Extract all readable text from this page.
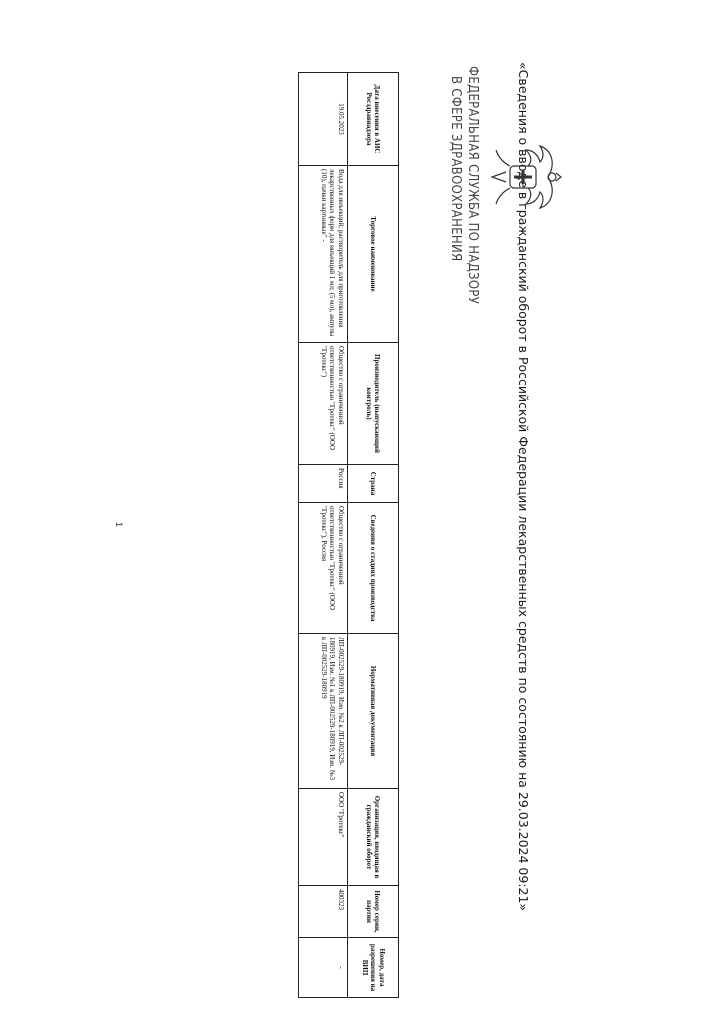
«Сведения о вводе в гражданский оборот в Российской Федерации лекарственных средств по состоянию на 29.03.2024 09:21»
ФЕДЕРАЛЬНАЯ СЛУЖБА ПО НАДЗОРУ
В СФЕРЕ ЗДРАВООХРАНЕНИЯ
Дата внесения в АИС Росздравнадзора	Торговое наименование	Производитель (выпускающий контроль)	Страна	Сведения о стадиях производства	Нормативная документация	Организация, вводящая в гражданский оборот	Номер серии, партии	Номер, дата разрешения на ВИП
19.05.2023	Вода для инъекций; растворитель для приготовления лекарственных форм для инъекций 1 мл; (5 мл), ампулы (10), пачки картонные" -	Общество с ограниченной ответственностью "Гротекс" (ООО "Гротекс")	Россия	Общество с ограниченной ответственностью "Гротекс" (ООО "Гротекс"), Россия	ЛП-002529-180919, Изм. №2 к ЛП-002529-180919, Изм. №1 к ЛП-002529-180919, Изм. №3 к ЛП-002529-180919	ООО "Гротекс"	400323	-
1
